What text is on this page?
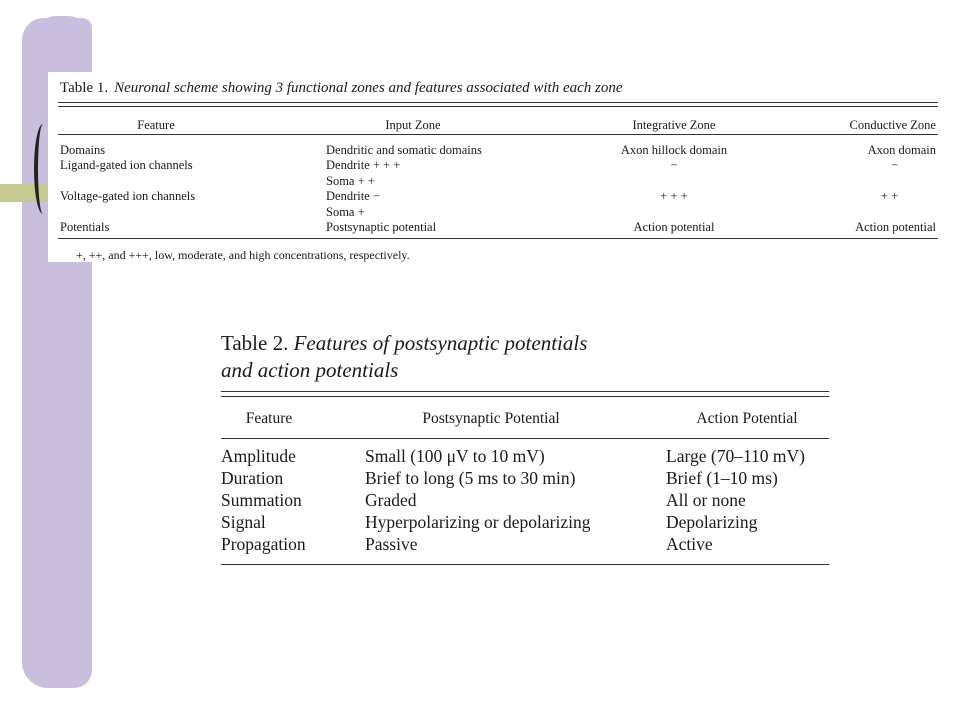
Table 1. Neuronal scheme showing 3 functional zones and features associated with each zone
Feature	Input Zone	Integrative Zone	Conductive Zone
Domains	Dendritic and somatic domains	Axon hillock domain	Axon domain
Ligand-gated ion channels	Dendrite + + +	−	−
Soma + +
Voltage-gated ion channels	Dendrite −	+ + +	+ +
Soma +
Potentials	Postsynaptic potential	Action potential	Action potential
+, ++, and +++, low, moderate, and high concentrations, respectively.
Table 2. Features of postsynaptic potentials
and action potentials
Feature	Postsynaptic Potential	Action Potential
Amplitude	Small (100 μV to 10 mV)	Large (70–110 mV)
Duration	Brief to long (5 ms to 30 min)	Brief (1–10 ms)
Summation	Graded	All or none
Signal	Hyperpolarizing or depolarizing	Depolarizing
Propagation	Passive	Active
